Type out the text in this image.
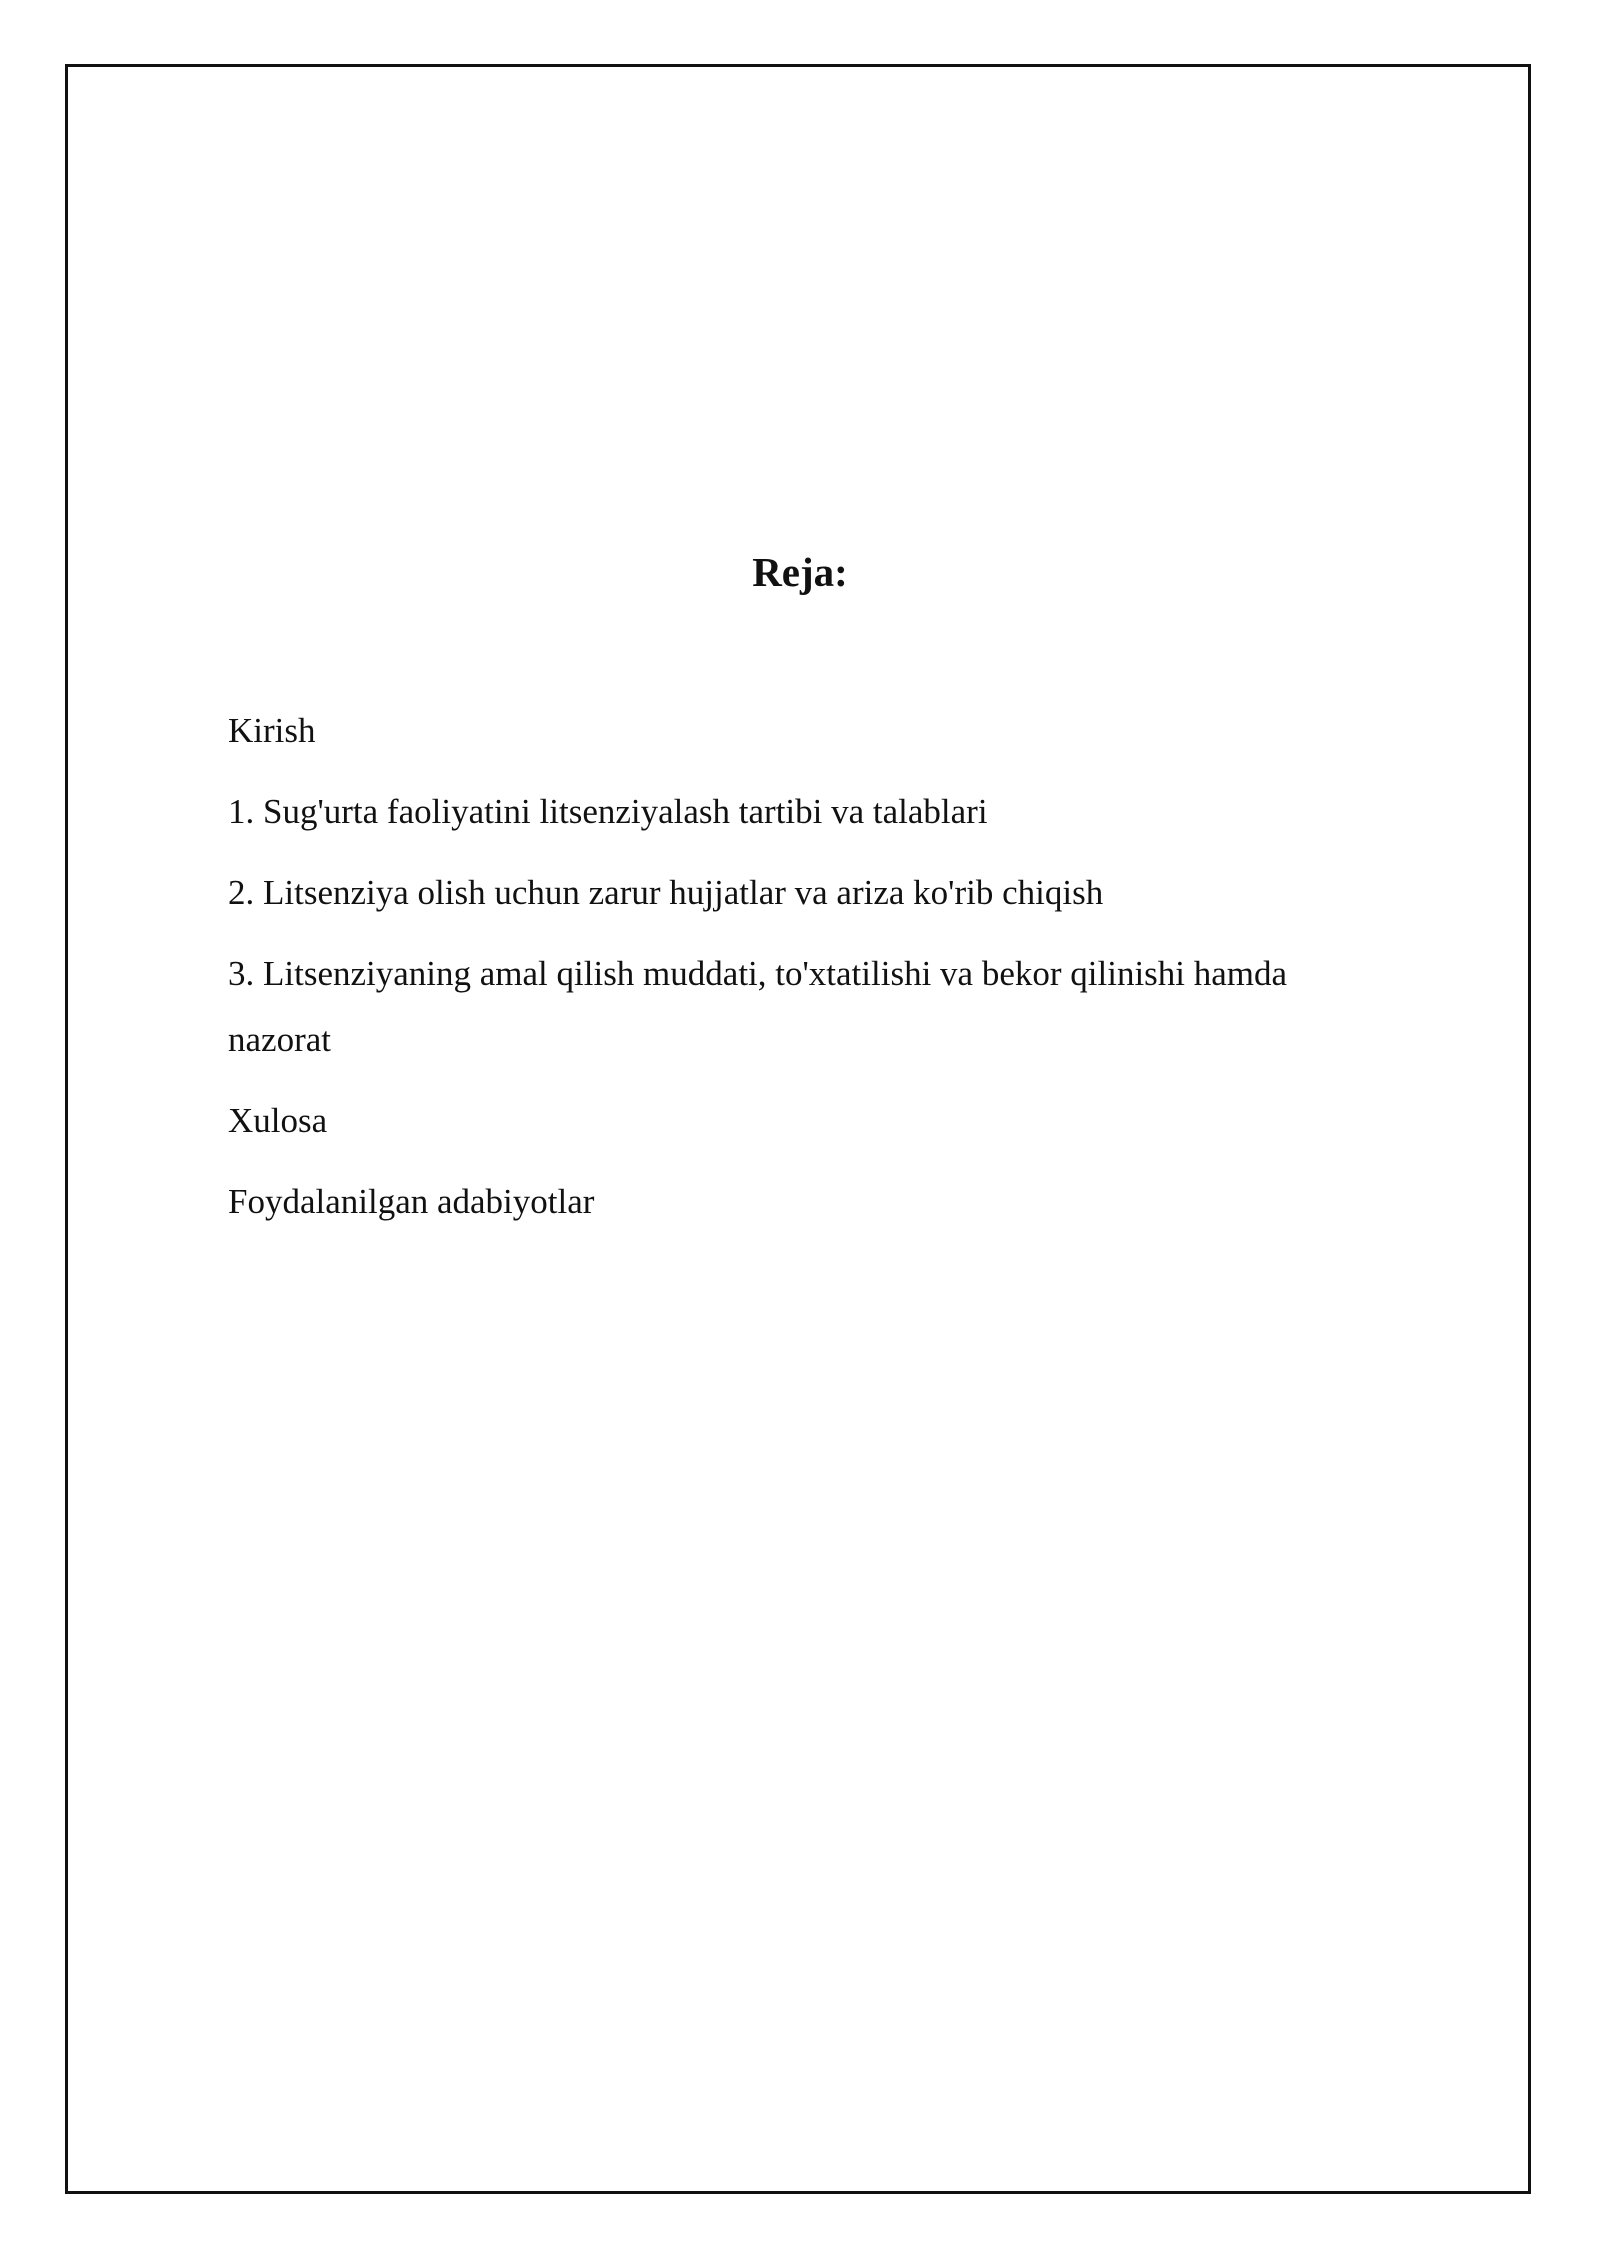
Reja:
Kirish
1. Sug'urta faoliyatini litsenziyalash tartibi va talablari
2. Litsenziya olish uchun zarur hujjatlar va ariza ko'rib chiqish
3. Litsenziyaning amal qilish muddati, to'xtatilishi va bekor qilinishi hamda nazorat
Xulosa
Foydalanilgan adabiyotlar
